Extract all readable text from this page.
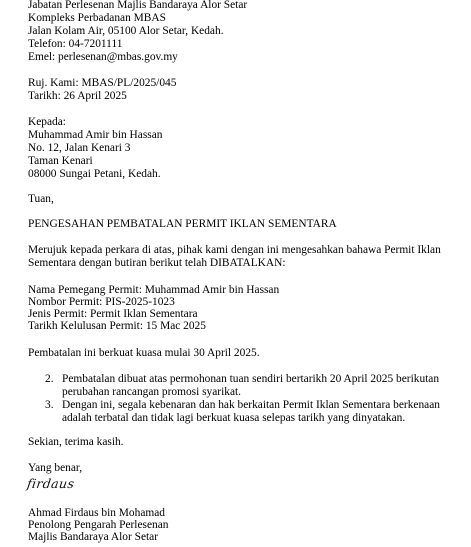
Jabatan Perlesenan Majlis Bandaraya Alor Setar
Kompleks Perbadanan MBAS
Jalan Kolam Air, 05100 Alor Setar, Kedah.
Telefon: 04-7201111
Emel: perlesenan@mbas.gov.my
Ruj. Kami: MBAS/PL/2025/045
Tarikh: 26 April 2025
Kepada:
Muhammad Amir bin Hassan
No. 12, Jalan Kenari 3
Taman Kenari
08000 Sungai Petani, Kedah.
Tuan,
PENGESAHAN PEMBATALAN PERMIT IKLAN SEMENTARA
Merujuk kepada perkara di atas, pihak kami dengan ini mengesahkan bahawa Permit Iklan
Sementara dengan butiran berikut telah DIBATALKAN:
Nama Pemegang Permit: Muhammad Amir bin Hassan
Nombor Permit: PIS-2025-1023
Jenis Permit: Permit Iklan Sementara
Tarikh Kelulusan Permit: 15 Mac 2025
Pembatalan ini berkuat kuasa mulai 30 April 2025.
2. Pembatalan dibuat atas permohonan tuan sendiri bertarikh 20 April 2025 berikutan
perubahan rancangan promosi syarikat.
3. Dengan ini, segala kebenaran dan hak berkaitan Permit Iklan Sementara berkenaan
adalah terbatal dan tidak lagi berkuat kuasa selepas tarikh yang dinyatakan.
Sekian, terima kasih.
Yang benar,
firdaus
Ahmad Firdaus bin Mohamad
Penolong Pengarah Perlesenan
Majlis Bandaraya Alor Setar
